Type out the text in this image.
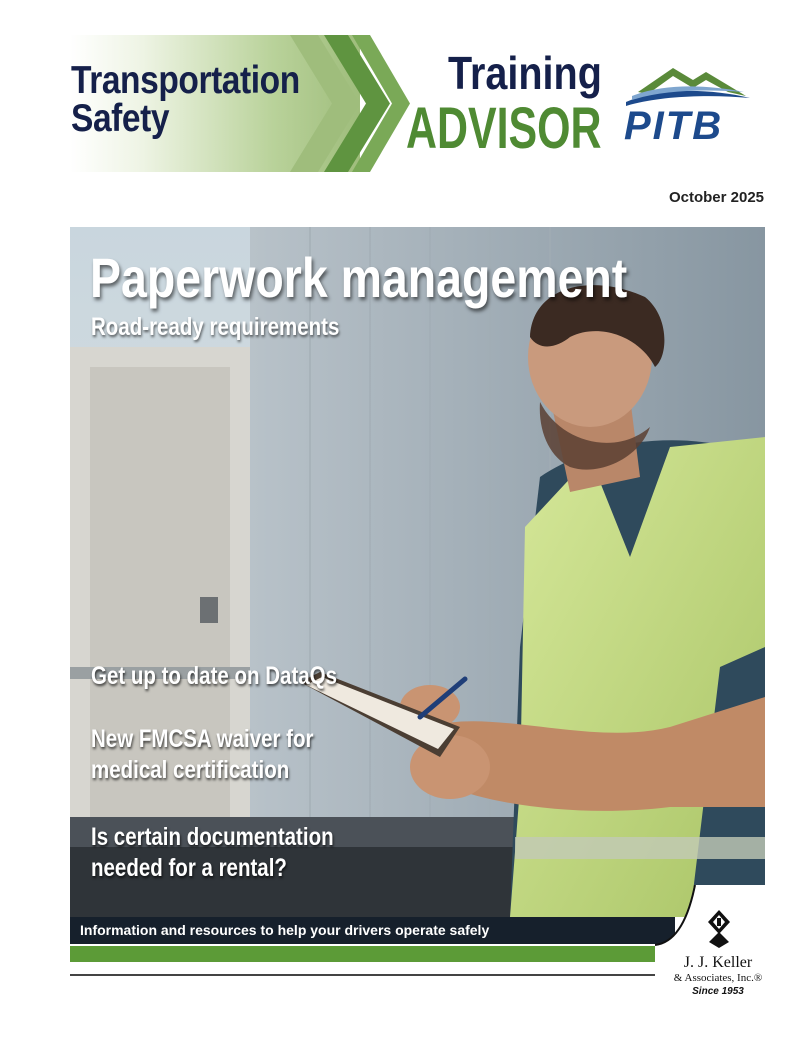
Transportation
Safety
Training
ADVISOR PITB
October 2025
Paperwork management
Road-ready requirements
Get up to date on DataQs
New FMCSA waiver for
medical certification
Is certain documentation
needed for a rental?
Information and resources to help your drivers operate safely
J. J. Keller
& Associates, Inc.®
Since 1953
